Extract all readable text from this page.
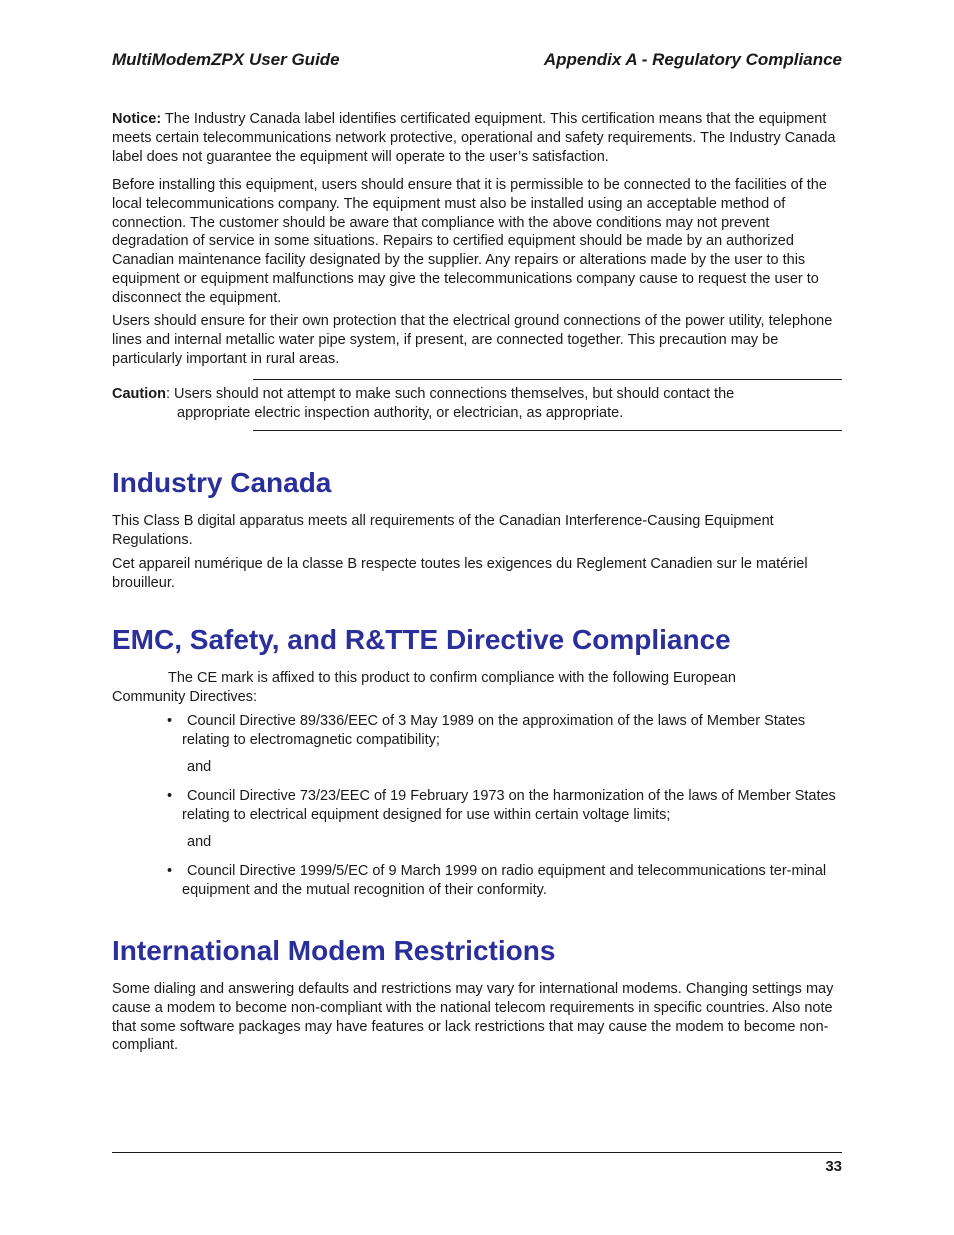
MultiModemZPX User Guide	Appendix A - Regulatory Compliance

Notice: The Industry Canada label identifies certificated equipment. This certification means that the equipment meets certain telecommunications network protective, operational and safety requirements. The Industry Canada label does not guarantee the equipment will operate to the user’s satisfaction.

Before installing this equipment, users should ensure that it is permissible to be connected to the facilities of the local telecommunications company. The equipment must also be installed using an acceptable method of connection. The customer should be aware that compliance with the above conditions may not prevent degradation of service in some situations. Repairs to certified equipment should be made by an authorized Canadian maintenance facility designated by the supplier. Any repairs or alterations made by the user to this equipment or equipment malfunctions may give the telecommunications company cause to request the user to disconnect the equipment.

Users should ensure for their own protection that the electrical ground connections of the power utility, telephone lines and internal metallic water pipe system, if present, are connected together. This precaution may be particularly important in rural areas.

Caution: Users should not attempt to make such connections themselves, but should contact the

appropriate electric inspection authority, or electrician, as appropriate.

Industry Canada

This Class B digital apparatus meets all requirements of the Canadian Interference-Causing Equipment Regulations.

Cet appareil numérique de la classe B respecte toutes les exigences du Reglement Canadien sur le matériel brouilleur.

EMC, Safety, and R&TTE Directive Compliance

The CE mark is affixed to this product to confirm compliance with the following European

Community Directives:

•	Council Directive 89/336/EEC of 3 May 1989 on the approximation of the laws of Member States relating to electromagnetic compatibility;
and
•	Council Directive 73/23/EEC of 19 February 1973 on the harmonization of the laws of Member States relating to electrical equipment designed for use within certain voltage limits;
and
•	Council Directive 1999/5/EC of 9 March 1999 on radio equipment and telecommunications ter-minal equipment and the mutual recognition of their conformity.
International Modem Restrictions

Some dialing and answering defaults and restrictions may vary for international modems. Changing settings may cause a modem to become non-compliant with the national telecom requirements in specific countries. Also note that some software packages may have features or lack restrictions that may cause the modem to become non-compliant.

33
